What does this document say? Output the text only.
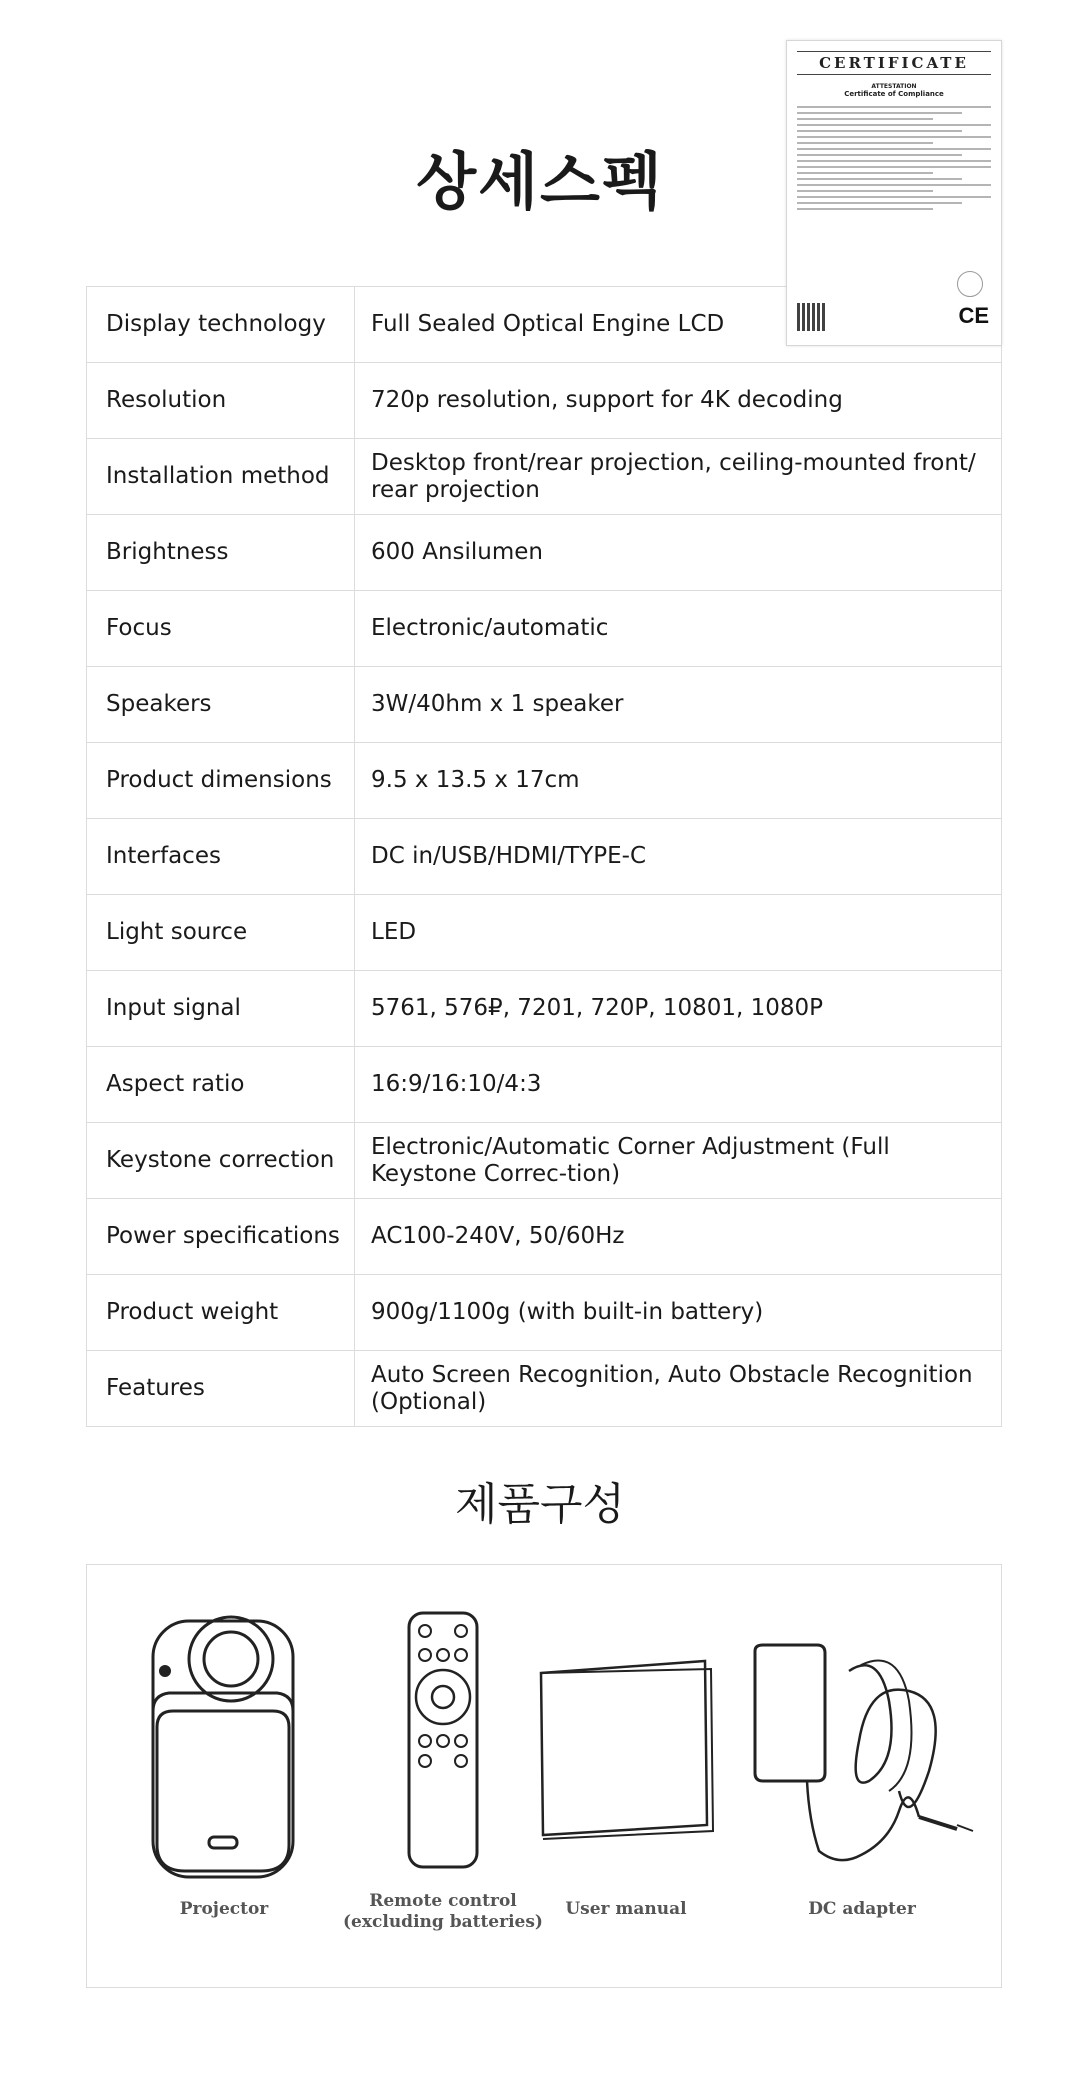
상세스펙
Display technology	Full Sealed Optical Engine LCD
Resolution	720p resolution, support for 4K decoding
Installation method	Desktop front/rear projection, ceiling-mounted front/ rear projection
Brightness	600 Ansilumen
Focus	Electronic/automatic
Speakers	3W/40hm x 1 speaker
Product dimensions	9.5 x 13.5 x 17cm
Interfaces	DC in/USB/HDMI/TYPE-C
Light source	LED
Input signal	5761, 576₽, 7201, 720P, 10801, 1080P
Aspect ratio	16:9/16:10/4:3
Keystone correction	Electronic/Automatic Corner Adjustment (Full Keystone Correc-tion)
Power specifications	AC100-240V, 50/60Hz
Product weight	900g/1100g (with built-in battery)
Features	Auto Screen Recognition, Auto Obstacle Recognition (Optional)
CERTIFICATE
ATTESTATION
Certificate of Compliance
CE
제품구성
Projector	Remote control
(excluding batteries)
User manual	DC adapter
